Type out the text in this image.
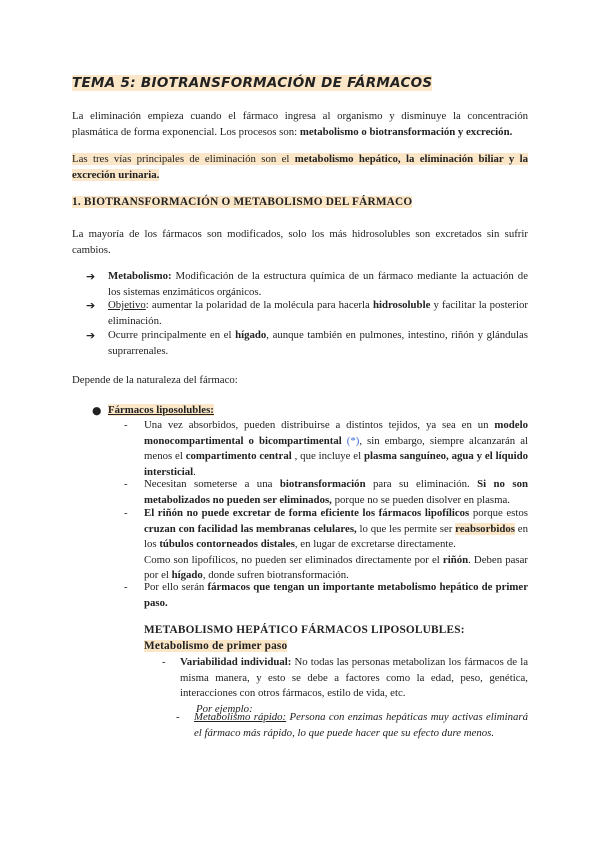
TEMA 5: BIOTRANSFORMACIÓN DE FÁRMACOS
La eliminación empieza cuando el fármaco ingresa al organismo y disminuye la concentración plasmática de forma exponencial. Los procesos son: metabolismo o biotransformación y excreción.
Las tres vías principales de eliminación son el metabolismo hepático, la eliminación biliar y la excreción urinaria.
1. BIOTRANSFORMACIÓN O METABOLISMO DEL FÁRMACO
La mayoría de los fármacos son modificados, solo los más hidrosolubles son excretados sin sufrir cambios.
➔ Metabolismo: Modificación de la estructura química de un fármaco mediante la actuación de los sistemas enzimáticos orgánicos.
➔ Objetivo: aumentar la polaridad de la molécula para hacerla hidrosoluble y facilitar la posterior eliminación.
➔ Ocurre principalmente en el hígado, aunque también en pulmones, intestino, riñón y glándulas suprarrenales.
Depende de la naturaleza del fármaco:
● Fármacos liposolubles:
- Una vez absorbidos, pueden distribuirse a distintos tejidos, ya sea en un modelo monocompartimental o bicompartimental (*), sin embargo, siempre alcanzarán al menos el compartimento central , que incluye el plasma sanguíneo, agua y el líquido intersticial.
- Necesitan someterse a una biotransformación para su eliminación. Si no son metabolizados no pueden ser eliminados, porque no se pueden disolver en plasma.
- El riñón no puede excretar de forma eficiente los fármacos lipofílicos porque estos cruzan con facilidad las membranas celulares, lo que les permite ser reabsorbidos en los túbulos contorneados distales, en lugar de excretarse directamente.
Como son lipofílicos, no pueden ser eliminados directamente por el riñón. Deben pasar por el hígado, donde sufren biotransformación.
- Por ello serán fármacos que tengan un importante metabolismo hepático de primer paso.
METABOLISMO HEPÁTICO FÁRMACOS LIPOSOLUBLES: Metabolismo de primer paso
- Variabilidad individual: No todas las personas metabolizan los fármacos de la misma manera, y esto se debe a factores como la edad, peso, genética, interacciones con otros fármacos, estilo de vida, etc.
Por ejemplo:
- Metabolismo rápido: Persona con enzimas hepáticas muy activas eliminará el fármaco más rápido, lo que puede hacer que su efecto dure menos.
